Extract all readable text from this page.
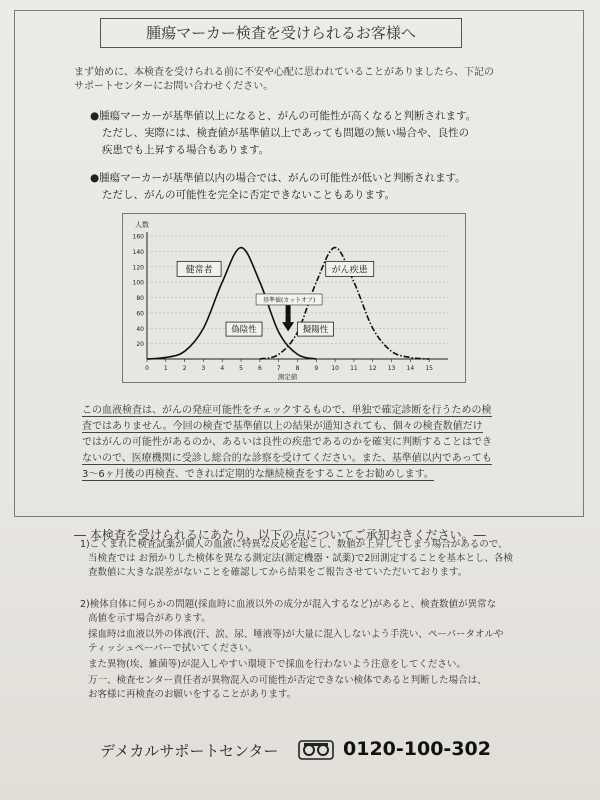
腫瘍マーカー検査を受けられるお客様へ
まず始めに、本検査を受けられる前に不安や心配に思われていることがありましたら、下記の
サポートセンターにお問い合わせください。
●腫瘍マーカーが基準値以上になると、がんの可能性が高くなると判断されます。
ただし、実際には、検査値が基準値以上であっても問題の無い場合や、良性の
疾患でも上昇する場合もあります。
●腫瘍マーカーが基準値以内の場合では、がんの可能性が低いと判断されます。
ただし、がんの可能性を完全に否定できないこともあります。
20
40
60
80
100
120
140
160
0 1 2 3 4 5 6 7 8 9 10 11 12 13 14 15
人数
測定値
健常者	がん疾患
基準値(カットオフ)
偽陰性	擬陽性
この血液検査は、がんの発症可能性をチェックするもので、単独で確定診断を行うための検
査ではありません。今回の検査で基準値以上の結果が通知されても、個々の検査数値だけ
ではがんの可能性があるのか、あるいは良性の疾患であるのかを確実に判断することはでき
ないので、医療機関に受診し総合的な診察を受けてください。また、基準値以内であっても
3〜6ヶ月後の再検査、できれば定期的な継続検査をすることをお勧めします。
― 本検査を受けられるにあたり、以下の点についてご承知おきください。―
1)ごくまれに検査試薬が個人の血液に特異な反応を起こし、数値が上昇してしまう場合があるので、
当検査では お預かりした検体を異なる測定法(測定機器・試薬)で2回測定することを基本とし、各検
査数値に大きな誤差がないことを確認してから結果をご報告させていただいております。
2)検体自体に何らかの問題(採血時に血液以外の成分が混入するなど)があると、検査数値が異常な
高値を示す場合があります。
採血時は血液以外の体液(汗、涙、尿、唾液等)が大量に混入しないよう手洗い、ペーパータオルや
ティッシュペーパーで拭いてください。
また異物(埃、雑菌等)が混入しやすい環境下で採血を行わないよう注意をしてください。
万一、検査センター責任者が異物混入の可能性が否定できない検体であると判断した場合は、
お客様に再検査のお願いをすることがあります。
デメカルサポートセンター	0120-100-302
